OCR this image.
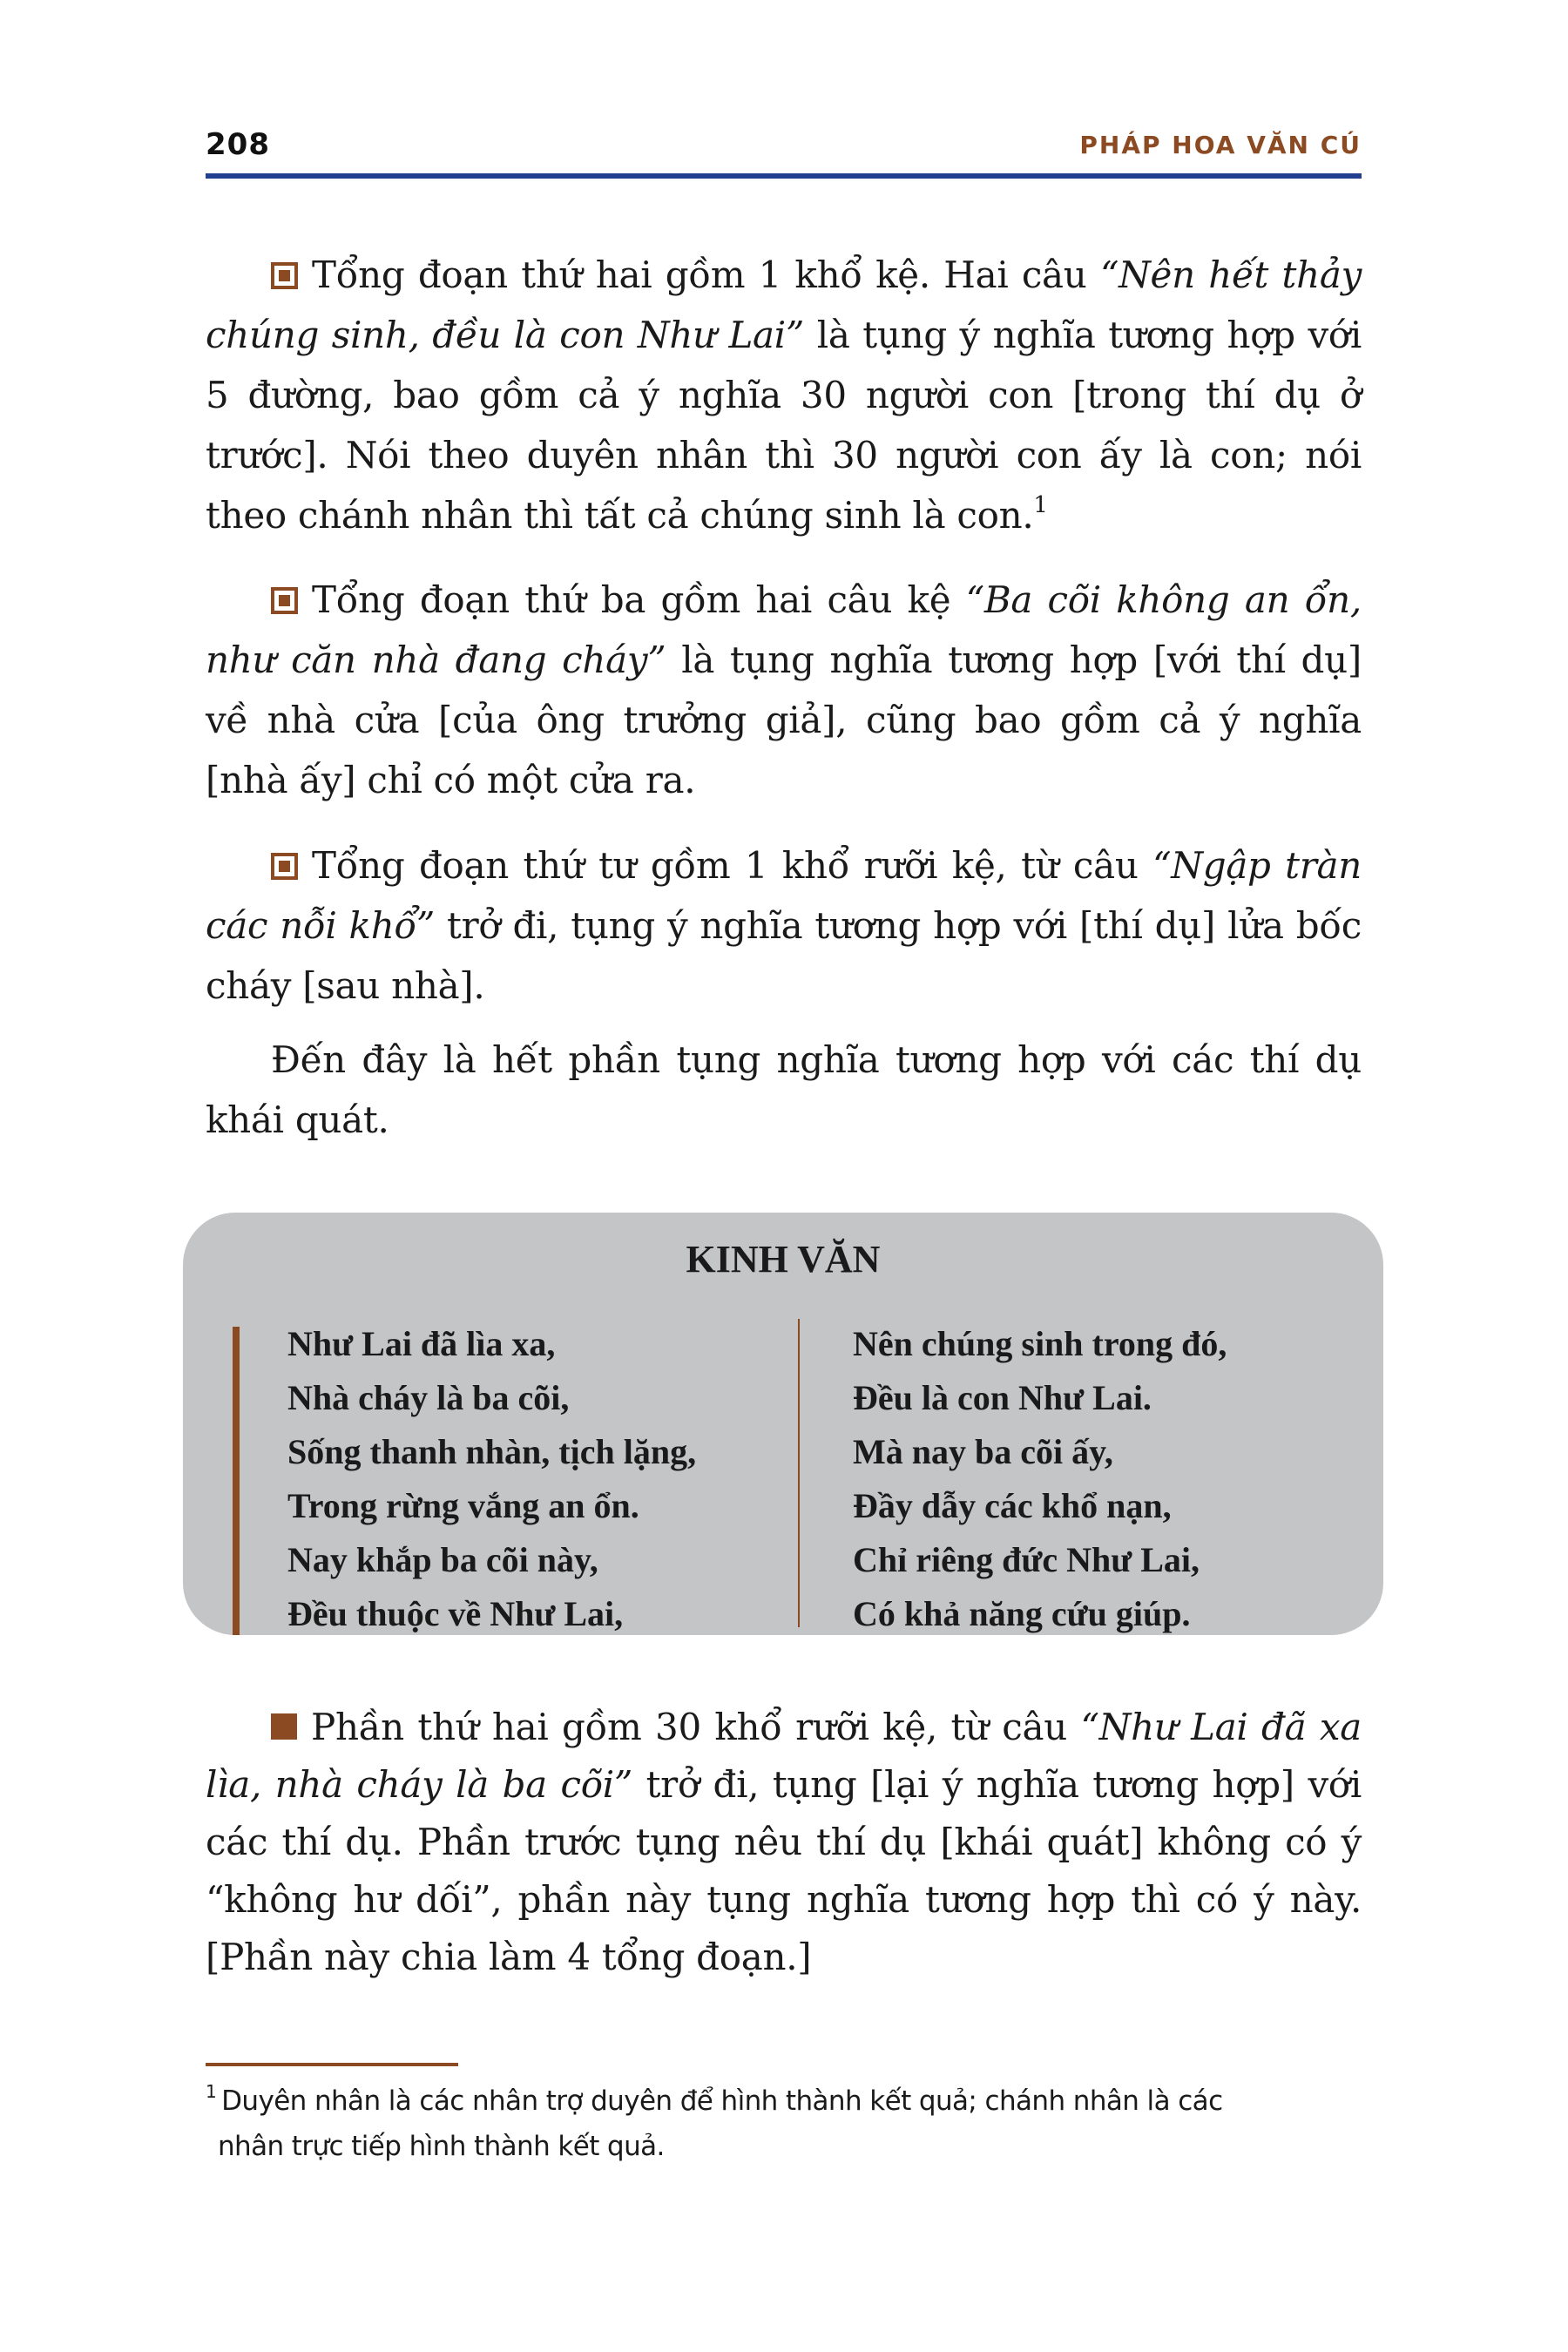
208	PHÁP HOA VĂN CÚ

Tổng đoạn thứ hai gồm 1 khổ kệ. Hai câu “Nên hết thảy chúng sinh, đều là con Như Lai” là tụng ý nghĩa tương hợp với 5 đường, bao gồm cả ý nghĩa 30 người con [trong thí dụ ở trước]. Nói theo duyên nhân thì 30 người con ấy là con; nói theo chánh nhân thì tất cả chúng sinh là con.$^1$

Tổng đoạn thứ ba gồm hai câu kệ “Ba cõi không an ổn, như căn nhà đang cháy” là tụng nghĩa tương hợp [với thí dụ] về nhà cửa [của ông trưởng giả], cũng bao gồm cả ý nghĩa [nhà ấy] chỉ có một cửa ra.

Tổng đoạn thứ tư gồm 1 khổ rưỡi kệ, từ câu “Ngập tràn các nỗi khổ” trở đi, tụng ý nghĩa tương hợp với [thí dụ] lửa bốc cháy [sau nhà].

Đến đây là hết phần tụng nghĩa tương hợp với các thí dụ khái quát.

KINH VĂN
Như Lai đã lìa xa,
Nhà cháy là ba cõi,
Sống thanh nhàn, tịch lặng,
Trong rừng vắng an ổn.
Nay khắp ba cõi này,
Đều thuộc về Như Lai,
Nên chúng sinh trong đó,
Đều là con Như Lai.
Mà nay ba cõi ấy,
Đầy dẫy các khổ nạn,
Chỉ riêng đức Như Lai,
Có khả năng cứu giúp.

Phần thứ hai gồm 30 khổ rưỡi kệ, từ câu “Như Lai đã xa lìa, nhà cháy là ba cõi” trở đi, tụng [lại ý nghĩa tương hợp] với các thí dụ. Phần trước tụng nêu thí dụ [khái quát] không có ý “không hư dối”, phần này tụng nghĩa tương hợp thì có ý này. [Phần này chia làm 4 tổng đoạn.]

$^1$ Duyên nhân là các nhân trợ duyên để hình thành kết quả; chánh nhân là các
nhân trực tiếp hình thành kết quả.
